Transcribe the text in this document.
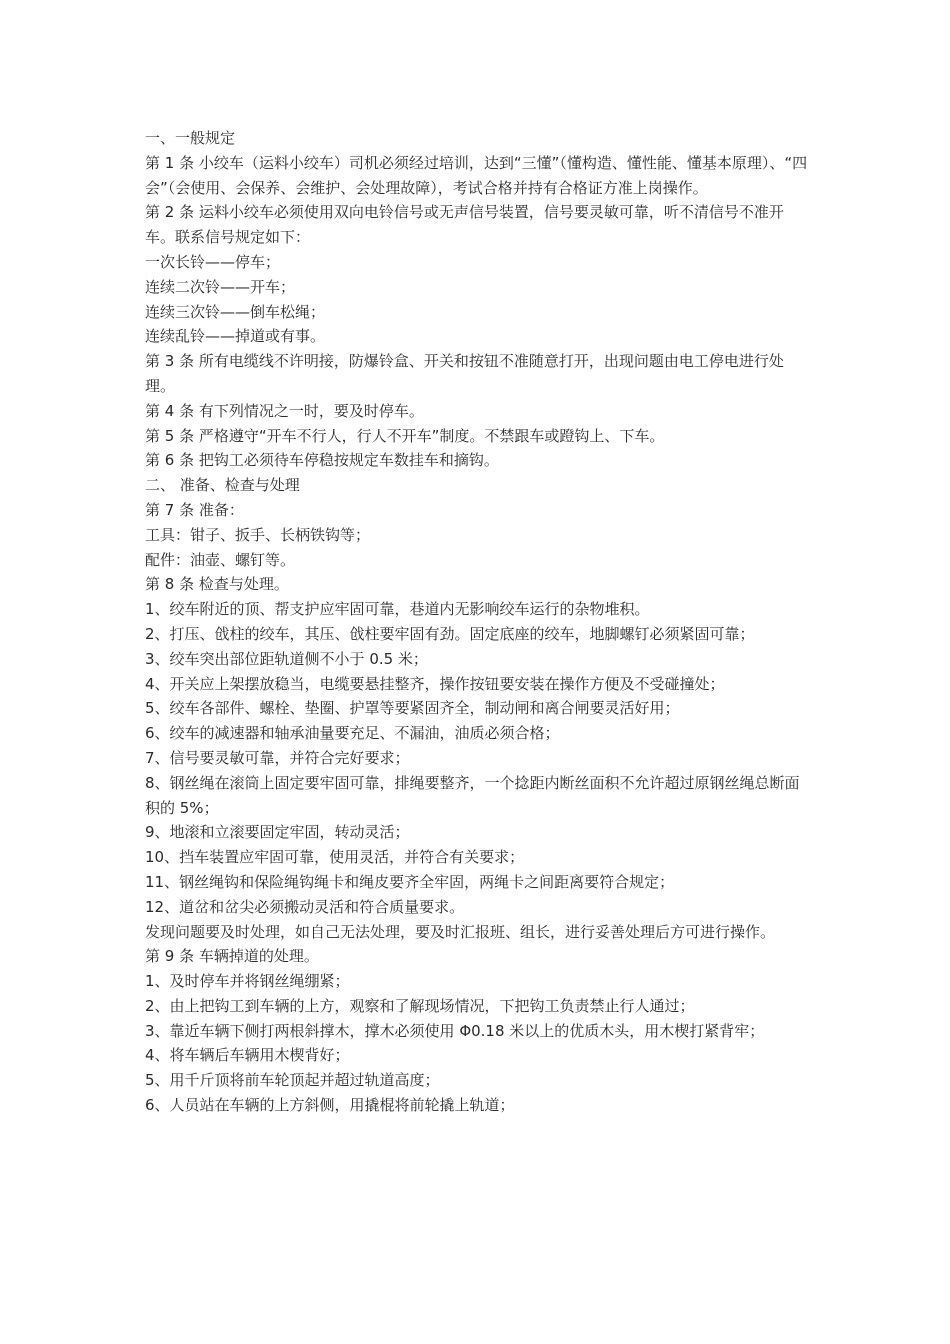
一、一般规定

第 1 条 小绞车（运料小绞车）司机必须经过培训，达到“三懂”（懂构造、懂性能、懂基本原理）、“四会”（会使用、会保养、会维护、会处理故障），考试合格并持有合格证方准上岗操作。

第 2 条 运料小绞车必须使用双向电铃信号或无声信号装置，信号要灵敏可靠，听不清信号不准开车。联系信号规定如下：

一次长铃——停车；

连续二次铃——开车；

连续三次铃——倒车松绳；

连续乱铃——掉道或有事。

第 3 条 所有电缆线不许明接，防爆铃盒、开关和按钮不准随意打开，出现问题由电工停电进行处理。

第 4 条 有下列情况之一时，要及时停车。

第 5 条 严格遵守“开车不行人，行人不开车”制度。不禁跟车或蹬钩上、下车。

第 6 条 把钩工必须待车停稳按规定车数挂车和摘钩。

二、 准备、检查与处理

第 7 条 准备：

工具：钳子、扳手、长柄铁钩等；

配件：油壶、螺钉等。

第 8 条 检查与处理。

1、绞车附近的顶、帮支护应牢固可靠，巷道内无影响绞车运行的杂物堆积。

2、打压、戗柱的绞车，其压、戗柱要牢固有劲。固定底座的绞车，地脚螺钉必须紧固可靠；

3、绞车突出部位距轨道侧不小于 0.5 米；

4、开关应上架摆放稳当，电缆要悬挂整齐，操作按钮要安装在操作方便及不受碰撞处；

5、绞车各部件、螺栓、垫圈、护罩等要紧固齐全，制动闸和离合闸要灵活好用；

6、绞车的减速器和轴承油量要充足、不漏油，油质必须合格；

7、信号要灵敏可靠，并符合完好要求；

8、钢丝绳在滚筒上固定要牢固可靠，排绳要整齐，一个捻距内断丝面积不允许超过原钢丝绳总断面积的 5%；

9、地滚和立滚要固定牢固，转动灵活；

10、挡车装置应牢固可靠，使用灵活，并符合有关要求；

11、钢丝绳钩和保险绳钩绳卡和绳皮要齐全牢固，两绳卡之间距离要符合规定；

12、道岔和岔尖必须搬动灵活和符合质量要求。

发现问题要及时处理，如自己无法处理，要及时汇报班、组长，进行妥善处理后方可进行操作。

第 9 条 车辆掉道的处理。

1、及时停车并将钢丝绳绷紧；

2、由上把钩工到车辆的上方，观察和了解现场情况，下把钩工负责禁止行人通过；

3、靠近车辆下侧打两根斜撑木，撑木必须使用 Φ0.18 米以上的优质木头，用木楔打紧背牢；

4、将车辆后车辆用木楔背好；

5、用千斤顶将前车轮顶起并超过轨道高度；

6、人员站在车辆的上方斜侧，用撬棍将前轮撬上轨道；
